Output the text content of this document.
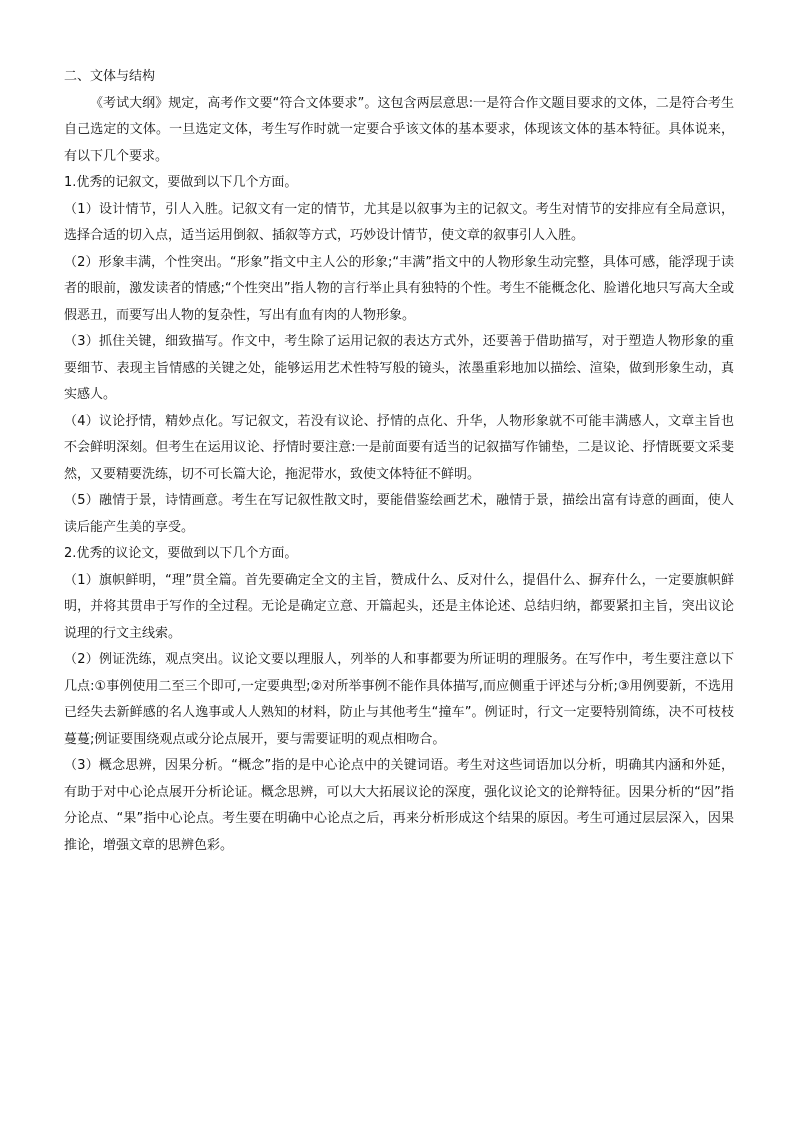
二、文体与结构

《考试大纲》规定，高考作文要“符合文体要求”。这包含两层意思:一是符合作文题目要求的文体，二是符合考生自己选定的文体。一旦选定文体，考生写作时就一定要合乎该文体的基本要求，体现该文体的基本特征。具体说来，有以下几个要求。

1.优秀的记叙文，要做到以下几个方面。

（1）设计情节，引人入胜。记叙文有一定的情节，尤其是以叙事为主的记叙文。考生对情节的安排应有全局意识，选择合适的切入点，适当运用倒叙、插叙等方式，巧妙设计情节，使文章的叙事引人入胜。

（2）形象丰满，个性突出。“形象”指文中主人公的形象;“丰满”指文中的人物形象生动完整，具体可感，能浮现于读者的眼前，激发读者的情感;“个性突出”指人物的言行举止具有独特的个性。考生不能概念化、脸谱化地只写高大全或假恶丑，而要写出人物的复杂性，写出有血有肉的人物形象。

（3）抓住关键，细致描写。作文中，考生除了运用记叙的表达方式外，还要善于借助描写，对于塑造人物形象的重要细节、表现主旨情感的关键之处，能够运用艺术性特写般的镜头，浓墨重彩地加以描绘、渲染，做到形象生动，真实感人。

（4）议论抒情，精妙点化。写记叙文，若没有议论、抒情的点化、升华，人物形象就不可能丰满感人，文章主旨也不会鲜明深刻。但考生在运用议论、抒情时要注意:一是前面要有适当的记叙描写作铺垫，二是议论、抒情既要文采斐然，又要精要洗练，切不可长篇大论，拖泥带水，致使文体特征不鲜明。

（5）融情于景，诗情画意。考生在写记叙性散文时，要能借鉴绘画艺术，融情于景，描绘出富有诗意的画面，使人读后能产生美的享受。

2.优秀的议论文，要做到以下几个方面。

（1）旗帜鲜明，“理”贯全篇。首先要确定全文的主旨，赞成什么、反对什么，提倡什么、摒弃什么，一定要旗帜鲜明，并将其贯串于写作的全过程。无论是确定立意、开篇起头，还是主体论述、总结归纳，都要紧扣主旨，突出议论说理的行文主线索。

（2）例证洗练，观点突出。议论文要以理服人，列举的人和事都要为所证明的理服务。在写作中，考生要注意以下几点:①事例使用二至三个即可,一定要典型;②对所举事例不能作具体描写,而应侧重于评述与分析;③用例要新，不选用已经失去新鲜感的名人逸事或人人熟知的材料，防止与其他考生“撞车”。例证时，行文一定要特别简练，决不可枝枝蔓蔓;例证要围绕观点或分论点展开，要与需要证明的观点相吻合。

（3）概念思辨，因果分析。“概念”指的是中心论点中的关键词语。考生对这些词语加以分析，明确其内涵和外延，有助于对中心论点展开分析论证。概念思辨，可以大大拓展议论的深度，强化议论文的论辩特征。因果分析的“因”指分论点、“果”指中心论点。考生要在明确中心论点之后，再来分析形成这个结果的原因。考生可通过层层深入，因果推论，增强文章的思辨色彩。
